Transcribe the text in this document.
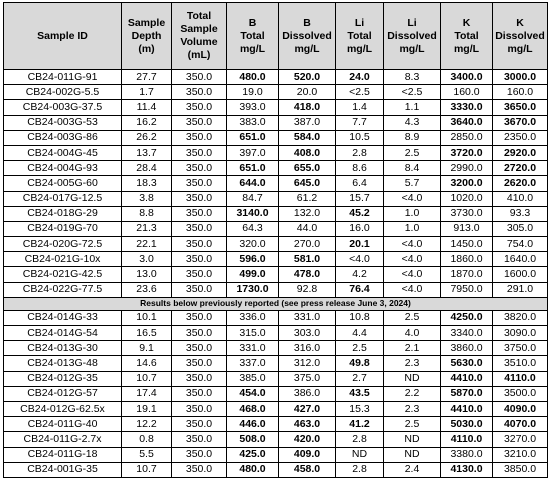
Sample ID	Sample
Depth
(m)	Total
Sample
Volume
(mL)	B
Total
mg/L	B
Dissolved
mg/L	Li
Total
mg/L	Li
Dissolved
mg/L	K
Total
mg/L	K
Dissolved
mg/L
CB24-011G-91	27.7	350.0	480.0	520.0	24.0	8.3	3400.0	3000.0
CB24-002G-5.5	1.7	350.0	19.0	20.0	<2.5	<2.5	160.0	160.0
CB24-003G-37.5	11.4	350.0	393.0	418.0	1.4	1.1	3330.0	3650.0
CB24-003G-53	16.2	350.0	383.0	387.0	7.7	4.3	3640.0	3670.0
CB24-003G-86	26.2	350.0	651.0	584.0	10.5	8.9	2850.0	2350.0
CB24-004G-45	13.7	350.0	397.0	408.0	2.8	2.5	3720.0	2920.0
CB24-004G-93	28.4	350.0	651.0	655.0	8.6	8.4	2990.0	2720.0
CB24-005G-60	18.3	350.0	644.0	645.0	6.4	5.7	3200.0	2620.0
CB24-017G-12.5	3.8	350.0	84.7	61.2	15.7	<4.0	1020.0	410.0
CB24-018G-29	8.8	350.0	3140.0	132.0	45.2	1.0	3730.0	93.3
CB24-019G-70	21.3	350.0	64.3	44.0	16.0	1.0	913.0	305.0
CB24-020G-72.5	22.1	350.0	320.0	270.0	20.1	<4.0	1450.0	754.0
CB24-021G-10x	3.0	350.0	596.0	581.0	<4.0	<4.0	1860.0	1640.0
CB24-021G-42.5	13.0	350.0	499.0	478.0	4.2	<4.0	1870.0	1600.0
CB24-022G-77.5	23.6	350.0	1730.0	92.8	76.4	<4.0	7950.0	291.0
Results below previously reported (see press release June 3, 2024)								
CB24-014G-33	10.1	350.0	336.0	331.0	10.8	2.5	4250.0	3820.0
CB24-014G-54	16.5	350.0	315.0	303.0	4.4	4.0	3340.0	3090.0
CB24-013G-30	9.1	350.0	331.0	316.0	2.5	2.1	3860.0	3750.0
CB24-013G-48	14.6	350.0	337.0	312.0	49.8	2.3	5630.0	3510.0
CB24-012G-35	10.7	350.0	385.0	375.0	2.7	ND	4410.0	4110.0
CB24-012G-57	17.4	350.0	454.0	386.0	43.5	2.2	5870.0	3500.0
CB24-012G-62.5x	19.1	350.0	468.0	427.0	15.3	2.3	4410.0	4090.0
CB24-011G-40	12.2	350.0	446.0	463.0	41.2	2.5	5030.0	4070.0
CB24-011G-2.7x	0.8	350.0	508.0	420.0	2.8	ND	4110.0	3270.0
CB24-011G-18	5.5	350.0	425.0	409.0	ND	ND	3380.0	3210.0
CB24-001G-35	10.7	350.0	480.0	458.0	2.8	2.4	4130.0	3850.0
